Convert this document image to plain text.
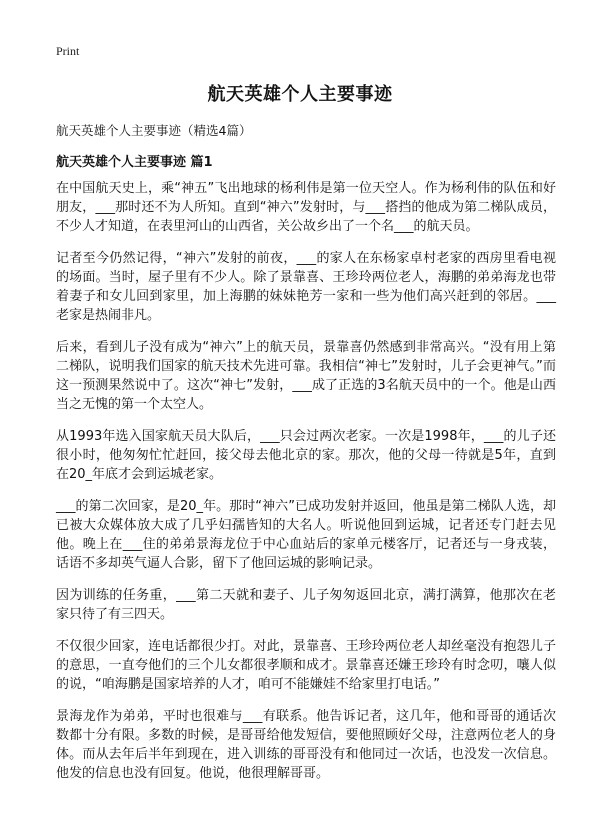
Print
航天英雄个人主要事迹

航天英雄个人主要事迹（精选4篇）

航天英雄个人主要事迹 篇1

在中国航天史上，乘“神五”飞出地球的杨利伟是第一位天空人。作为杨利伟的队伍和好朋友，___那时还不为人所知。直到“神六”发射时，与___搭挡的他成为第二梯队成员，不少人才知道，在表里河山的山西省，关公故乡出了一个名___的航天员。

记者至今仍然记得，“神六”发射的前夜，___的家人在东杨家卓村老家的西房里看电视的场面。当时，屋子里有不少人。除了景靠喜、王珍玲两位老人，海鹏的弟弟海龙也带着妻子和女儿回到家里，加上海鹏的妹妹艳芳一家和一些为他们高兴赶到的邻居。___老家是热闹非凡。

后来，看到儿子没有成为“神六”上的航天员，景靠喜仍然感到非常高兴。“没有用上第二梯队，说明我们国家的航天技术先进可靠。我相信“神七”发射时，儿子会更神气。”而这一预测果然说中了。这次“神七”发射，___成了正选的3名航天员中的一个。他是山西当之无愧的第一个太空人。

从1993年选入国家航天员大队后，___只会过两次老家。一次是1998年，___的儿子还很小时，他匆匆忙忙赶回，接父母去他北京的家。那次，他的父母一待就是5年，直到在20_年底才会到运城老家。

___的第二次回家，是20_年。那时“神六”已成功发射并返回，他虽是第二梯队人选，却已被大众媒体放大成了几乎妇孺皆知的大名人。听说他回到运城，记者还专门赶去见他。晚上在___住的弟弟景海龙位于中心血站后的家单元楼客厅，记者还与一身戎装，话语不多却英气逼人合影，留下了他回运城的影响记录。

因为训练的任务重，___第二天就和妻子、儿子匆匆返回北京，满打满算，他那次在老家只待了有三四天。

不仅很少回家，连电话都很少打。对此，景靠喜、王珍玲两位老人却丝毫没有抱怨儿子的意思，一直夸他们的三个儿女都很孝顺和成才。景靠喜还嫌王珍玲有时念叨，嚷人似的说，“咱海鹏是国家培养的人才，咱可不能嫌娃不给家里打电话。”

景海龙作为弟弟，平时也很难与___有联系。他告诉记者，这几年，他和哥哥的通话次数都十分有限。多数的时候，是哥哥给他发短信，要他照顾好父母，注意两位老人的身体。而从去年后半年到现在，进入训练的哥哥没有和他同过一次话，也没发一次信息。他发的信息也没有回复。他说，他很理解哥哥。
